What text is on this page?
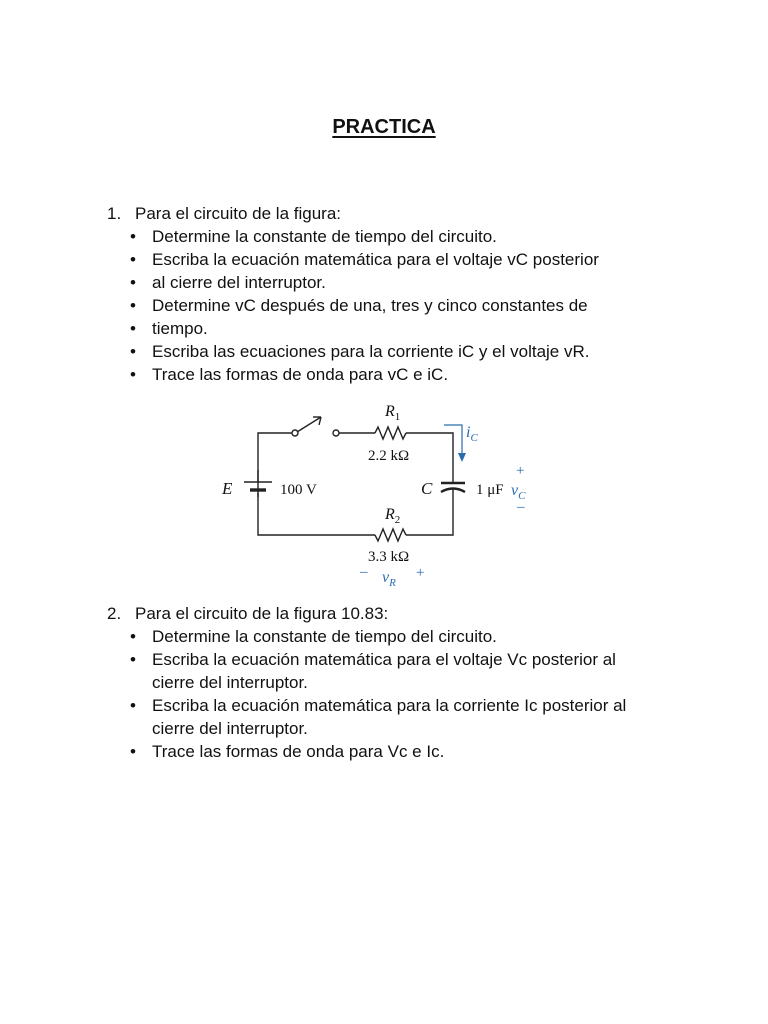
PRACTICA
1. Para el circuito de la figura:
• Determine la constante de tiempo del circuito.
• Escriba la ecuación matemática para el voltaje vC posterior
• al cierre del interruptor.
• Determine vC después de una, tres y cinco constantes de
• tiempo.
• Escriba las ecuaciones para la corriente iC y el voltaje vR.
• Trace las formas de onda para vC e iC.
$R_1$
2.2 kΩ
E	100 V	C	1 μF
$i_C$
+
$v_C$
–
$R_2$
3.3 kΩ
– $v_R$
+
2. Para el circuito de la figura 10.83:
• Determine la constante de tiempo del circuito.
• Escriba la ecuación matemática para el voltaje Vc posterior al cierre del interruptor.
• Escriba la ecuación matemática para la corriente Ic posterior al cierre del interruptor.
• Trace las formas de onda para Vc e Ic.
